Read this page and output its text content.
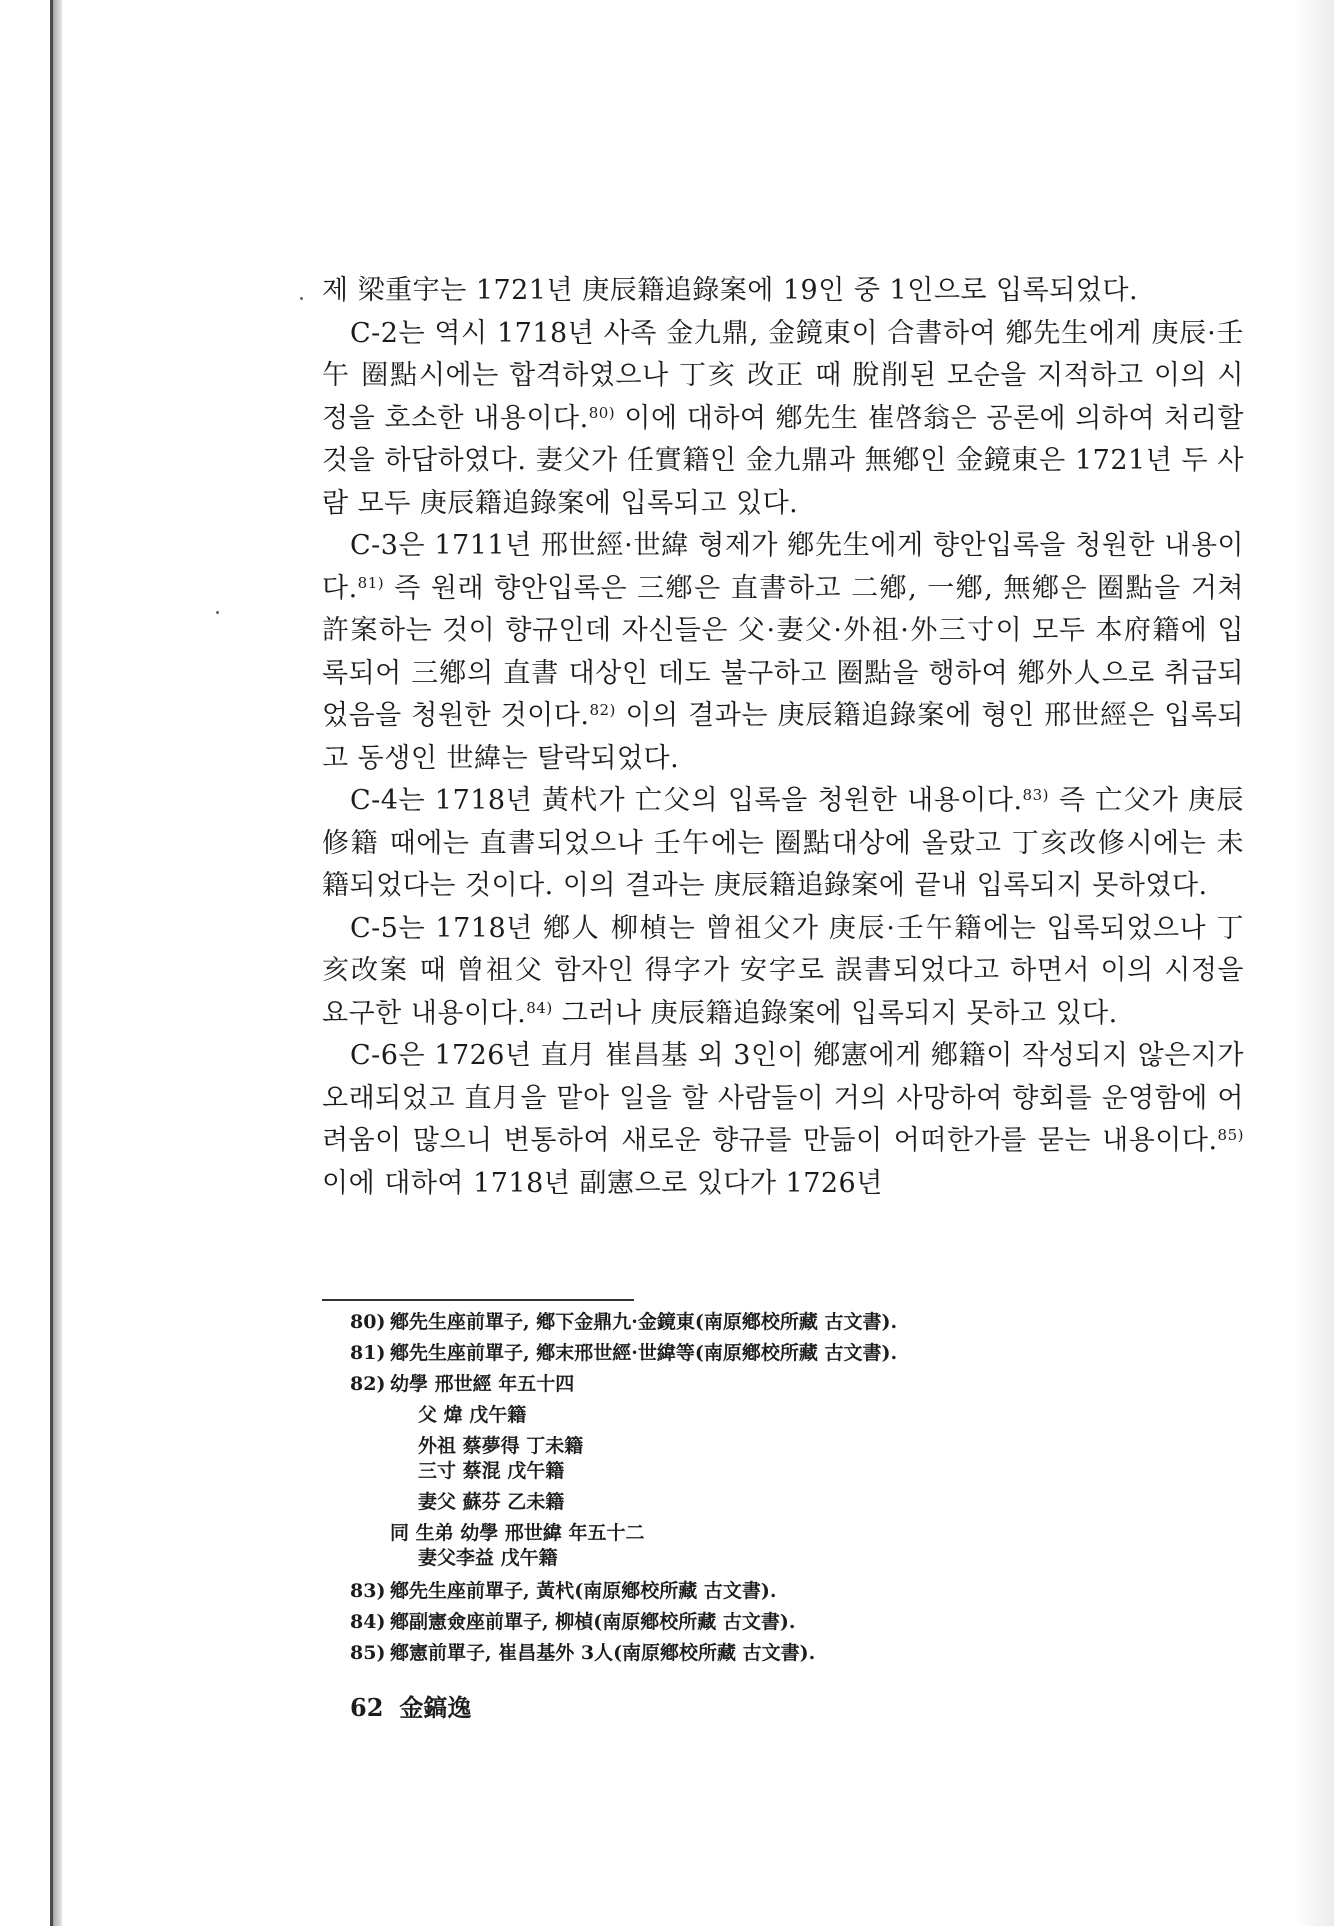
제 梁重宇는 1721년 庚辰籍追錄案에 19인 중 1인으로 입록되었다.

C-2는 역시 1718년 사족 金九鼎, 金鏡東이 合書하여 鄕先生에게 庚辰·壬午 圈點시에는 합격하였으나 丁亥 改正 때 脫削된 모순을 지적하고 이의 시정을 호소한 내용이다.$^{80)}$ 이에 대하여 鄕先生 崔啓翁은 공론에 의하여 처리할 것을 하답하였다. 妻父가 任實籍인 金九鼎과 無鄕인 金鏡東은 1721년 두 사람 모두 庚辰籍追錄案에 입록되고 있다.

C-3은 1711년 邢世經·世緯 형제가 鄕先生에게 향안입록을 청원한 내용이다.$^{81)}$ 즉 원래 향안입록은 三鄕은 直書하고 二鄕, 一鄕, 無鄕은 圈點을 거쳐 許案하는 것이 향규인데 자신들은 父·妻父·外祖·外三寸이 모두 本府籍에 입록되어 三鄕의 直書 대상인 데도 불구하고 圈點을 행하여 鄕外人으로 취급되었음을 청원한 것이다.$^{82)}$ 이의 결과는 庚辰籍追錄案에 형인 邢世經은 입록되고 동생인 世緯는 탈락되었다.

C-4는 1718년 黃杙가 亡父의 입록을 청원한 내용이다.$^{83)}$ 즉 亡父가 庚辰修籍 때에는 直書되었으나 壬午에는 圈點대상에 올랐고 丁亥改修시에는 未籍되었다는 것이다. 이의 결과는 庚辰籍追錄案에 끝내 입록되지 못하였다.

C-5는 1718년 鄕人 柳楨는 曾祖父가 庚辰·壬午籍에는 입록되었으나 丁亥改案 때 曾祖父 함자인 得字가 安字로 誤書되었다고 하면서 이의 시정을 요구한 내용이다.$^{84)}$ 그러나 庚辰籍追錄案에 입록되지 못하고 있다.

C-6은 1726년 直月 崔昌基 외 3인이 鄕憲에게 鄕籍이 작성되지 않은지가 오래되었고 直月을 맡아 일을 할 사람들이 거의 사망하여 향회를 운영함에 어려움이 많으니 변통하여 새로운 향규를 만듦이 어떠한가를 묻는 내용이다.$^{85)}$ 이에 대하여 1718년 副憲으로 있다가 1726년

80) 鄕先生座前單子, 鄕下金鼎九·金鏡東(南原鄕校所藏 古文書).

81) 鄕先生座前單子, 鄕末邢世經·世緯等(南原鄕校所藏 古文書).

82) 幼學 邢世經 年五十四

父 煒 戊午籍

外祖 蔡夢得 丁未籍

三寸 蔡混 戊午籍

妻父 蘇芬 乙未籍

同 生弟 幼學 邢世緯 年五十二

妻父李益 戊午籍

83) 鄕先生座前單子, 黃杙(南原鄕校所藏 古文書).

84) 鄕副憲僉座前單子, 柳楨(南原鄕校所藏 古文書).

85) 鄕憲前單子, 崔昌基外 3人(南原鄕校所藏 古文書).

62 金鎬逸
